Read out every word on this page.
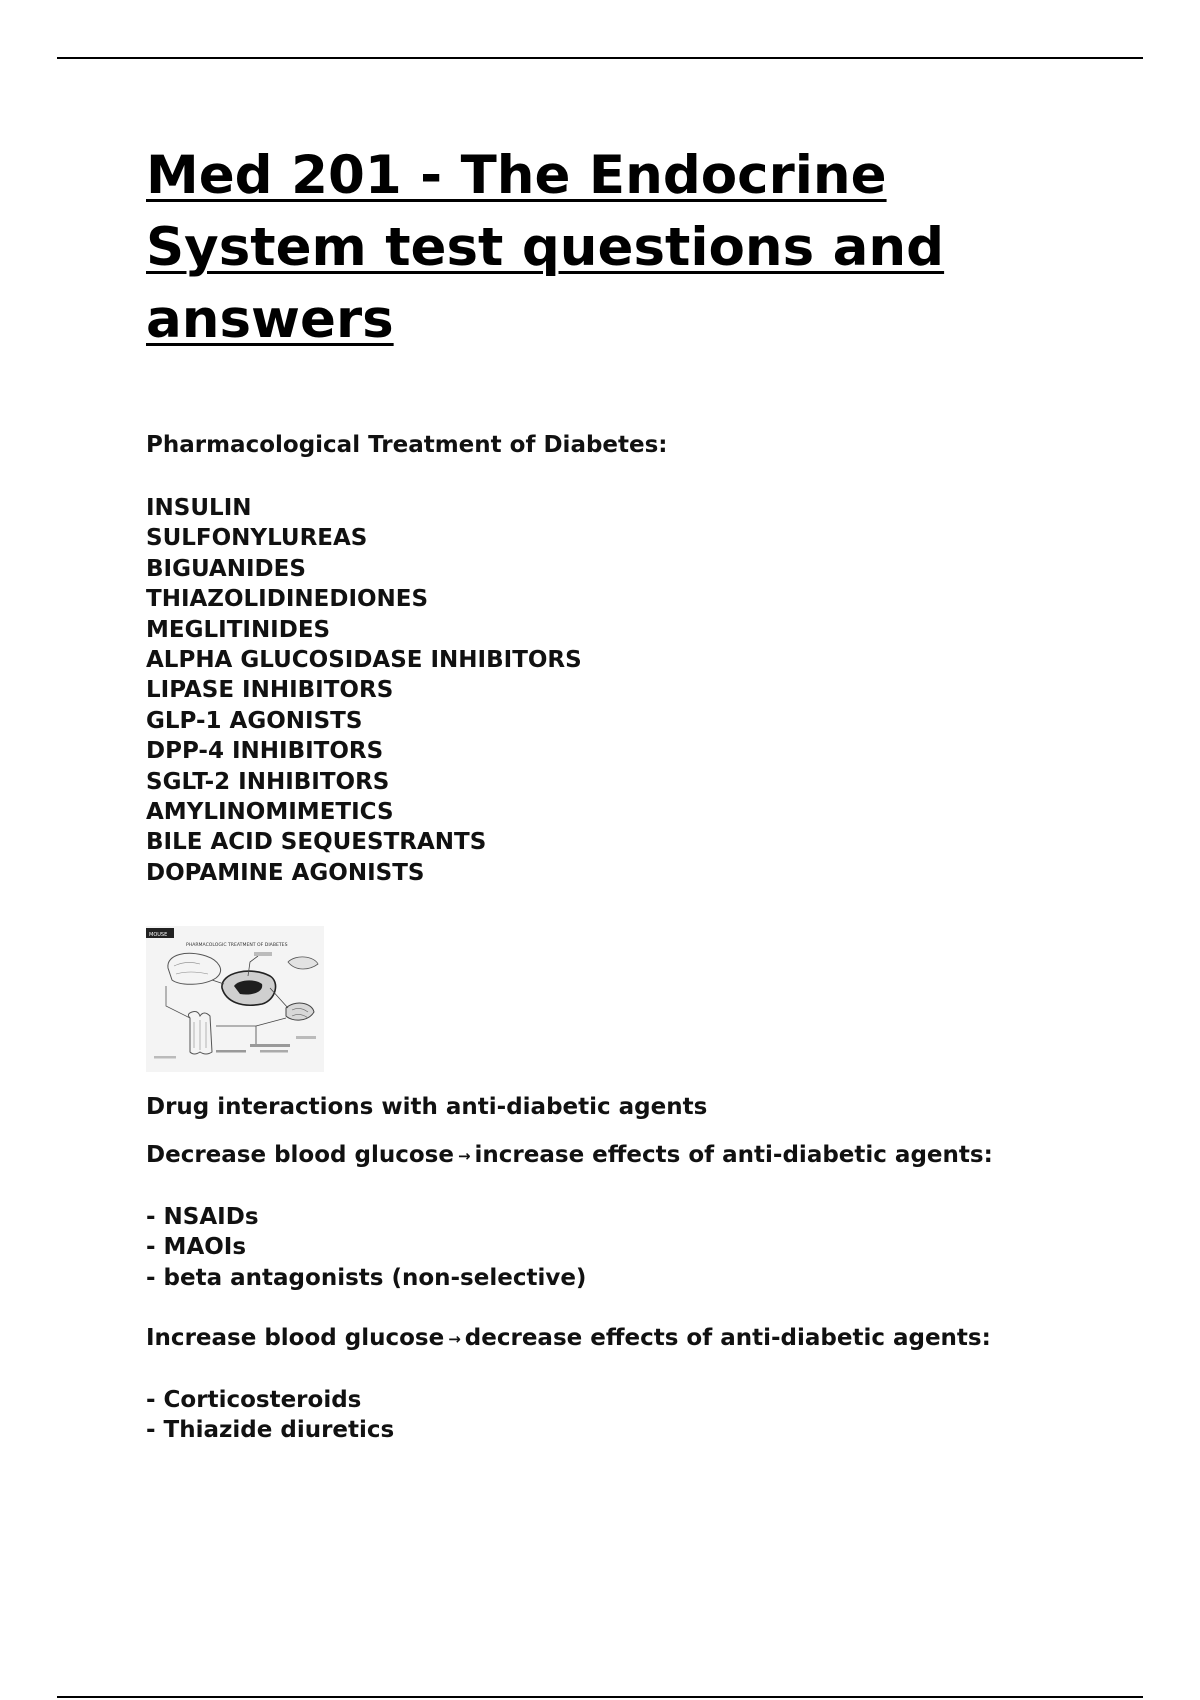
Med 201 - The Endocrine System test questions and answers

Pharmacological Treatment of Diabetes:

INSULIN
SULFONYLUREAS
BIGUANIDES
THIAZOLIDINEDIONES
MEGLITINIDES
ALPHA GLUCOSIDASE INHIBITORS
LIPASE INHIBITORS
GLP-1 AGONISTS
DPP-4 INHIBITORS
SGLT-2 INHIBITORS
AMYLINOMIMETICS
BILE ACID SEQUESTRANTS
DOPAMINE AGONISTS
MOUSE
PHARMACOLOGIC TREATMENT OF DIABETES

Drug interactions with anti-diabetic agents

Decrease blood glucose → increase effects of anti-diabetic agents:

- NSAIDs
- MAOIs
- beta antagonists (non-selective)

Increase blood glucose → decrease effects of anti-diabetic agents:

- Corticosteroids
- Thiazide diuretics
